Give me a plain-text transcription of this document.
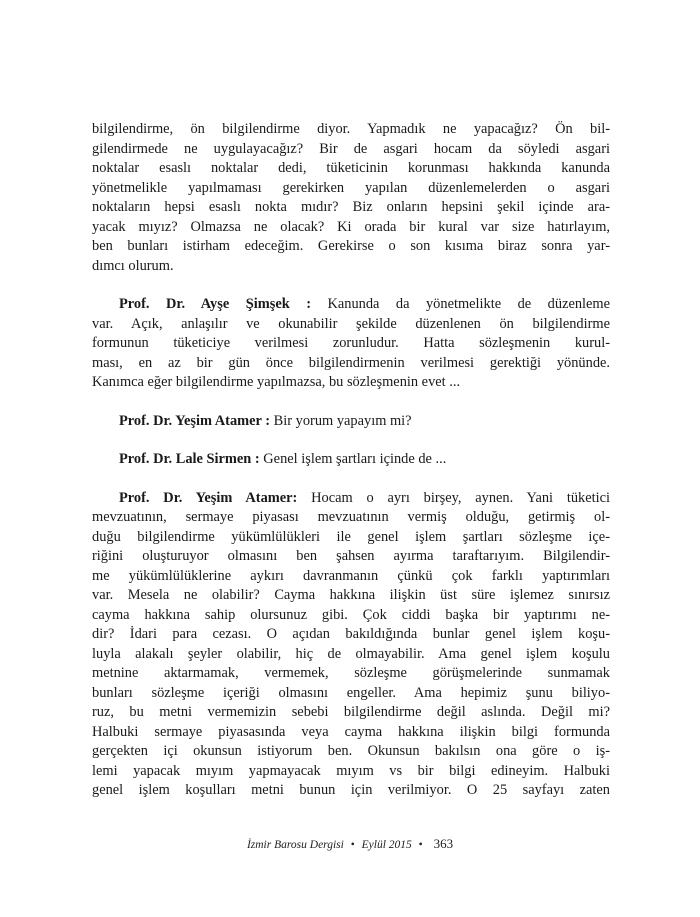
bilgilendirme, ön bilgilendirme diyor. Yapmadık ne yapacağız? Ön bil-
gilendirmede ne uygulayacağız? Bir de asgari hocam da söyledi asgari
noktalar esaslı noktalar dedi, tüketicinin korunması hakkında kanunda
yönetmelikle yapılmaması gerekirken yapılan düzenlemelerden o asgari
noktaların hepsi esaslı nokta mıdır? Biz onların hepsini şekil içinde ara-
yacak mıyız? Olmazsa ne olacak? Ki orada bir kural var size hatırlayım,
ben bunları istirham edeceğim. Gerekirse o son kısıma biraz sonra yar-
dımcı olurum.
Prof. Dr. Ayşe Şimşek : Kanunda da yönetmelikte de düzenleme
var. Açık, anlaşılır ve okunabilir şekilde düzenlenen ön bilgilendirme
formunun tüketiciye verilmesi zorunludur. Hatta sözleşmenin kurul-
ması, en az bir gün önce bilgilendirmenin verilmesi gerektiği yönünde.
Kanımca eğer bilgilendirme yapılmazsa, bu sözleşmenin evet ...
Prof. Dr. Yeşim Atamer : Bir yorum yapayım mi?
Prof. Dr. Lale Sirmen : Genel işlem şartları içinde de ...
Prof. Dr. Yeşim Atamer: Hocam o ayrı birşey, aynen. Yani tüketici
mevzuatının, sermaye piyasası mevzuatının vermiş olduğu, getirmiş ol-
duğu bilgilendirme yükümlülükleri ile genel işlem şartları sözleşme içe-
riğini oluşturuyor olmasını ben şahsen ayırma taraftarıyım. Bilgilendir-
me yükümlülüklerine aykırı davranmanın çünkü çok farklı yaptırımları
var. Mesela ne olabilir? Cayma hakkına ilişkin üst süre işlemez sınırsız
cayma hakkına sahip olursunuz gibi. Çok ciddi başka bir yaptırımı ne-
dir? İdari para cezası. O açıdan bakıldığında bunlar genel işlem koşu-
luyla alakalı şeyler olabilir, hiç de olmayabilir. Ama genel işlem koşulu
metnine aktarmamak, vermemek, sözleşme görüşmelerinde sunmamak
bunları sözleşme içeriği olmasını engeller. Ama hepimiz şunu biliyo-
ruz, bu metni vermemizin sebebi bilgilendirme değil aslında. Değil mi?
Halbuki sermaye piyasasında veya cayma hakkına ilişkin bilgi formunda
gerçekten içi okunsun istiyorum ben. Okunsun bakılsın ona göre o iş-
lemi yapacak mıyım yapmayacak mıyım vs bir bilgi edineyim. Halbuki
genel işlem koşulları metni bunun için verilmiyor. O 25 sayfayı zaten
İzmir Barosu Dergisi • Eylül 2015 • 363
